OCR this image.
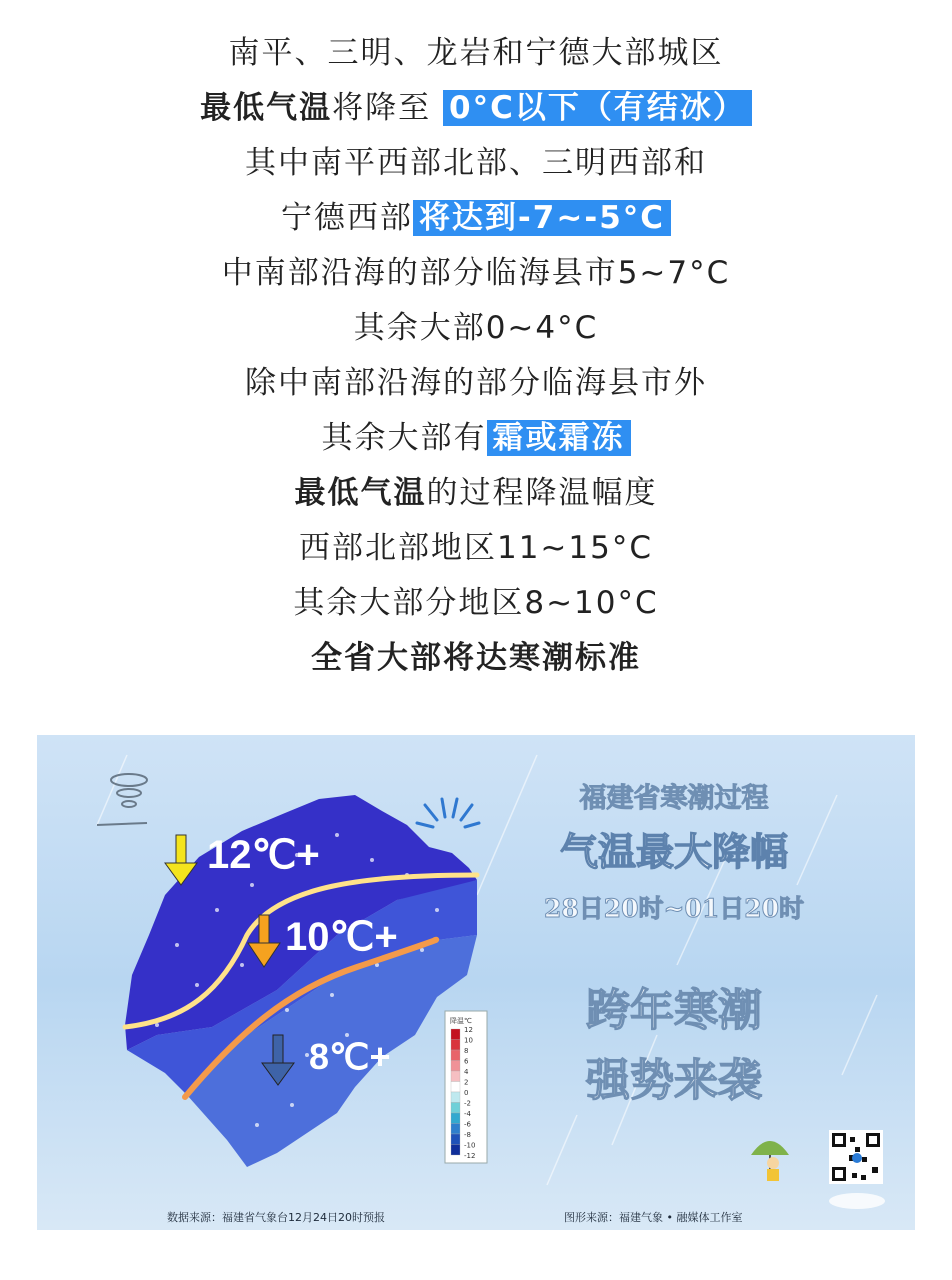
南平、三明、龙岩和宁德大部城区
最低气温将降至 0°C以下（有结冰）
其中南平西部北部、三明西部和
宁德西部 将达到-7~-5°C
中南部沿海的部分临海县市5~7°C
其余大部0~4°C
除中南部沿海的部分临海县市外
其余大部有 霜或霜冻
最低气温的过程降温幅度
西部北部地区11~15°C
其余大部分地区8~10°C
全省大部将达寒潮标准
12℃+
10℃+
8℃+
降温℃
12
10
8
6
4
2
0
-2
-4
-6
-8
-10
-12
福建省寒潮过程
气温最大降幅
28日20时~01日20时
跨年寒潮
强势来袭
数据来源：福建省气象台12月24日20时预报	图形来源：福建气象 • 融媒体工作室
